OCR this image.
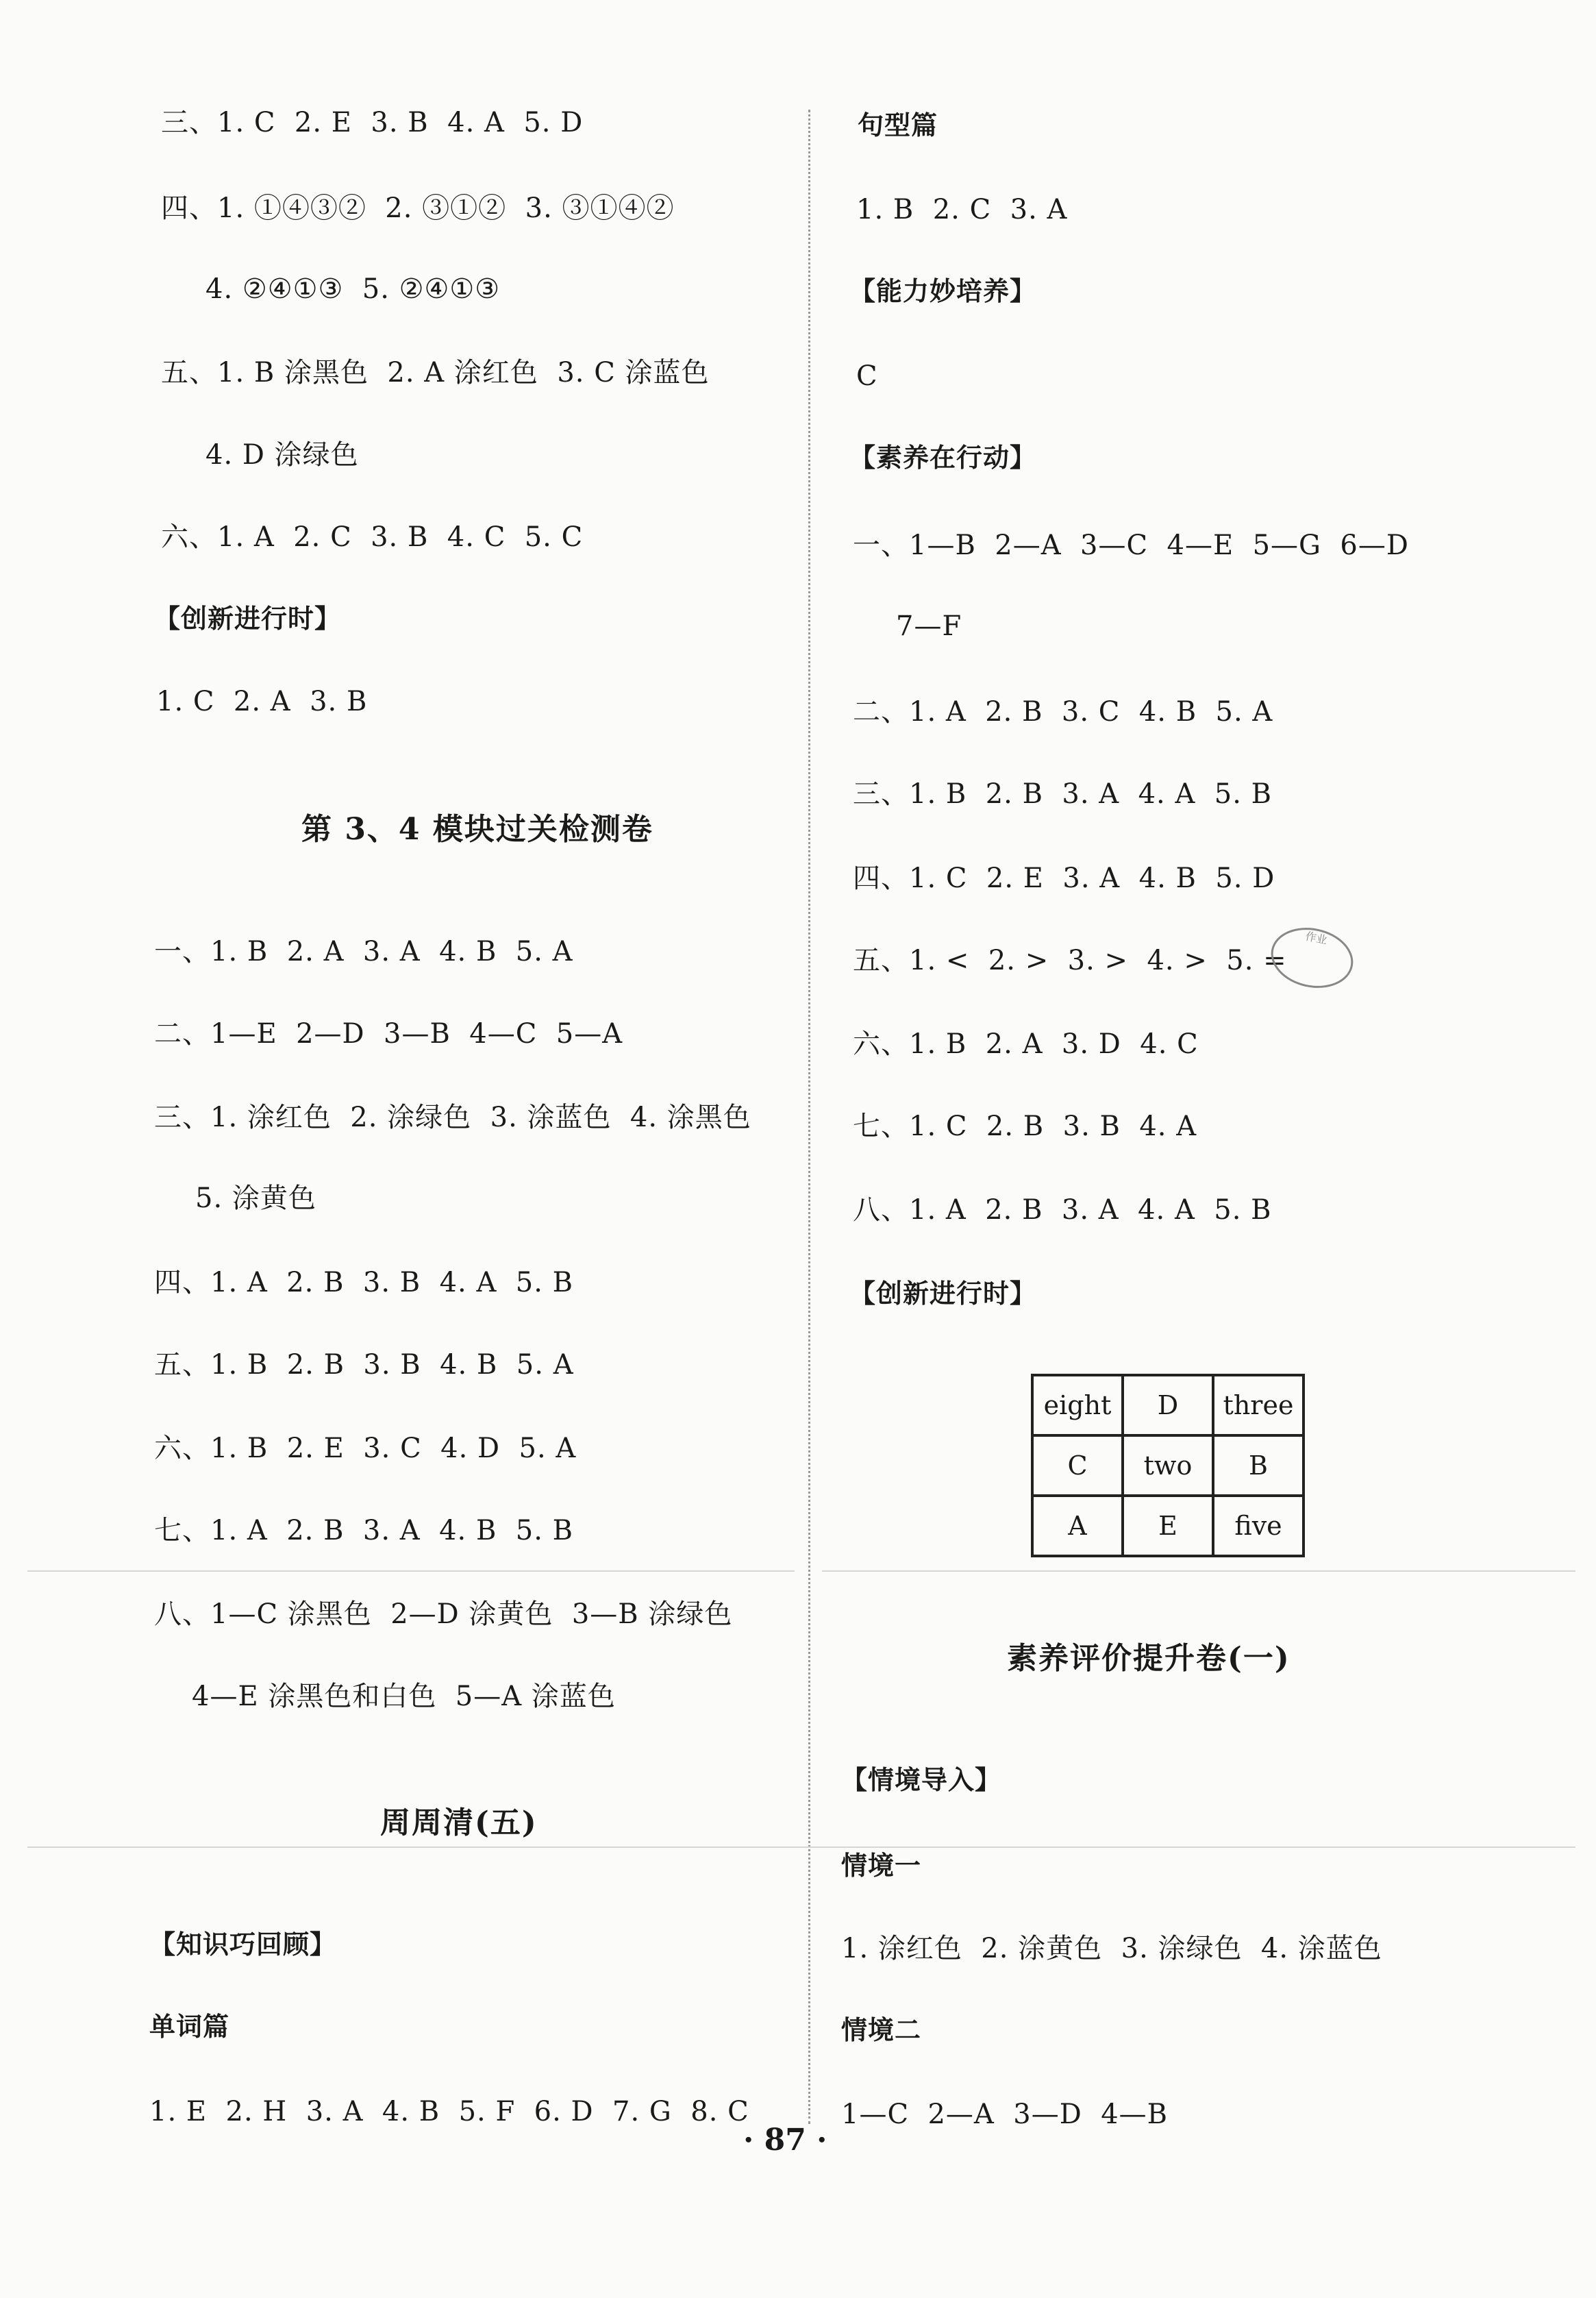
三、1. C  2. E  3. B  4. A  5. D
四、1. ①④③②  2. ③①②  3. ③①④②
4. ②④①③  5. ②④①③
五、1. B 涂黑色  2. A 涂红色  3. C 涂蓝色
4. D 涂绿色
六、1. A  2. C  3. B  4. C  5. C
【创新进行时】
1. C  2. A  3. B
第 3、4 模块过关检测卷
一、1. B  2. A  3. A  4. B  5. A
二、1—E  2—D  3—B  4—C  5—A
三、1. 涂红色  2. 涂绿色  3. 涂蓝色  4. 涂黑色
5. 涂黄色
四、1. A  2. B  3. B  4. A  5. B
五、1. B  2. B  3. B  4. B  5. A
六、1. B  2. E  3. C  4. D  5. A
七、1. A  2. B  3. A  4. B  5. B
八、1—C 涂黑色  2—D 涂黄色  3—B 涂绿色
4—E 涂黑色和白色  5—A 涂蓝色
周周清(五)
【知识巧回顾】
单词篇
1. E  2. H  3. A  4. B  5. F  6. D  7. G  8. C
句型篇
1. B  2. C  3. A
【能力妙培养】
C
【素养在行动】
一、1—B  2—A  3—C  4—E  5—G  6—D
7—F
二、1. A  2. B  3. C  4. B  5. A
三、1. B  2. B  3. A  4. A  5. B
四、1. C  2. E  3. A  4. B  5. D
五、1. <  2. >  3. >  4. >  5. =
六、1. B  2. A  3. D  4. C
七、1. C  2. B  3. B  4. A
八、1. A  2. B  3. A  4. A  5. B
作业
【创新进行时】
eight	D	three
C	two	B
A	E	five
素养评价提升卷(一)
【情境导入】
情境一
1. 涂红色  2. 涂黄色  3. 涂绿色  4. 涂蓝色
情境二
1—C  2—A  3—D  4—B
· 87 ·
